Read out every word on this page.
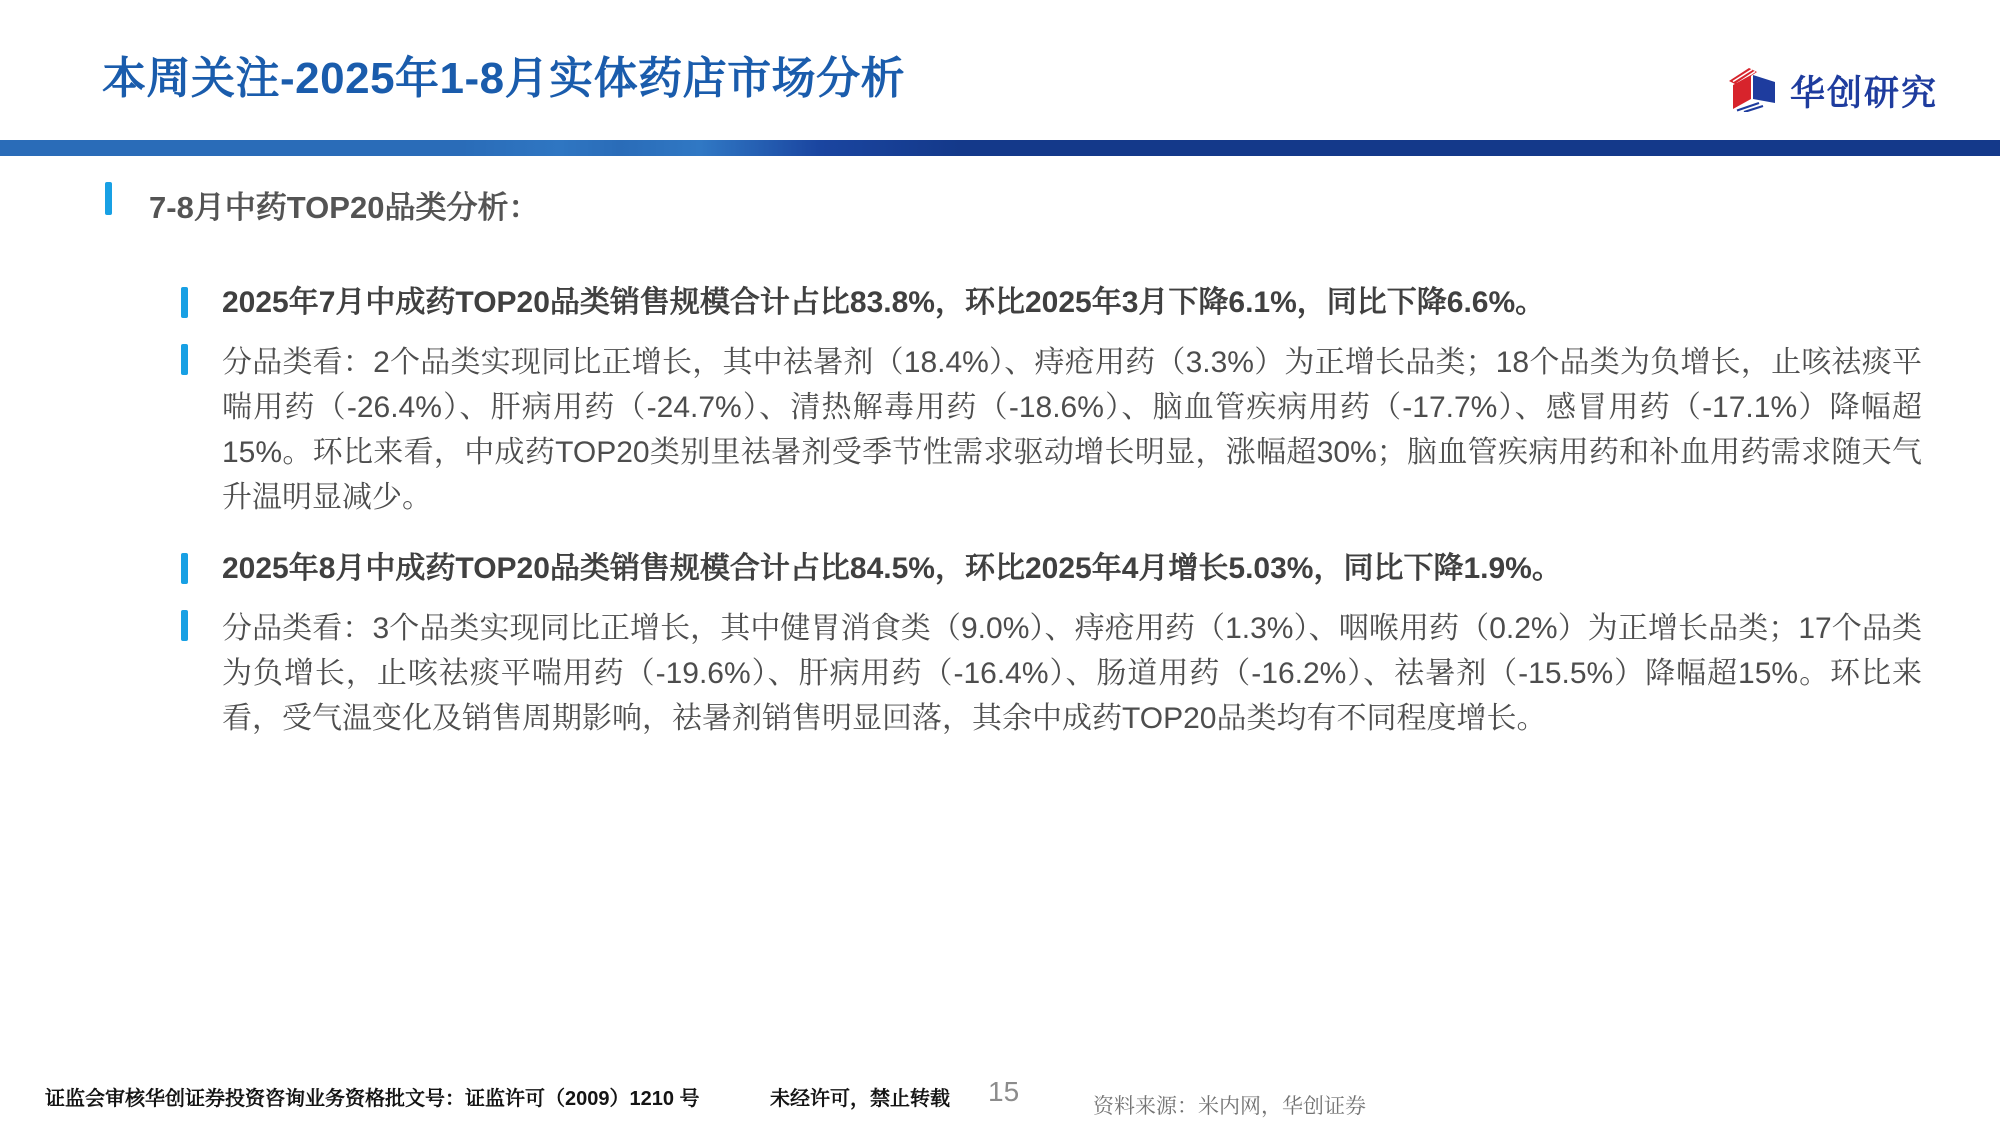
本周关注-2025年1-8月实体药店市场分析	华创研究
7-8月中药TOP20品类分析：
2025年7月中成药TOP20品类销售规模合计占比83.8%，环比2025年3月下降6.1%，同比下降6.6%。
分品类看：2个品类实现同比正增长，其中祛暑剂（18.4%）、痔疮用药（3.3%）为正增长品类；18个品类为负增长，止咳祛痰平喘用药（-26.4%）、肝病用药（-24.7%）、清热解毒用药（-18.6%）、脑血管疾病用药（-17.7%）、感冒用药（-17.1%）降幅超15%。环比来看，中成药TOP20类别里祛暑剂受季节性需求驱动增长明显，涨幅超30%；脑血管疾病用药和补血用药需求随天气升温明显减少。
2025年8月中成药TOP20品类销售规模合计占比84.5%，环比2025年4月增长5.03%，同比下降1.9%。
分品类看：3个品类实现同比正增长，其中健胃消食类（9.0%）、痔疮用药（1.3%）、咽喉用药（0.2%）为正增长品类；17个品类为负增长，止咳祛痰平喘用药（-19.6%）、肝病用药（-16.4%）、肠道用药（-16.2%）、祛暑剂（-15.5%）降幅超15%。环比来看，受气温变化及销售周期影响，祛暑剂销售明显回落，其余中成药TOP20品类均有不同程度增长。
证监会审核华创证券投资咨询业务资格批文号：证监许可（2009）1210 号	未经许可，禁止转载 15	资料来源：米内网，华创证券
